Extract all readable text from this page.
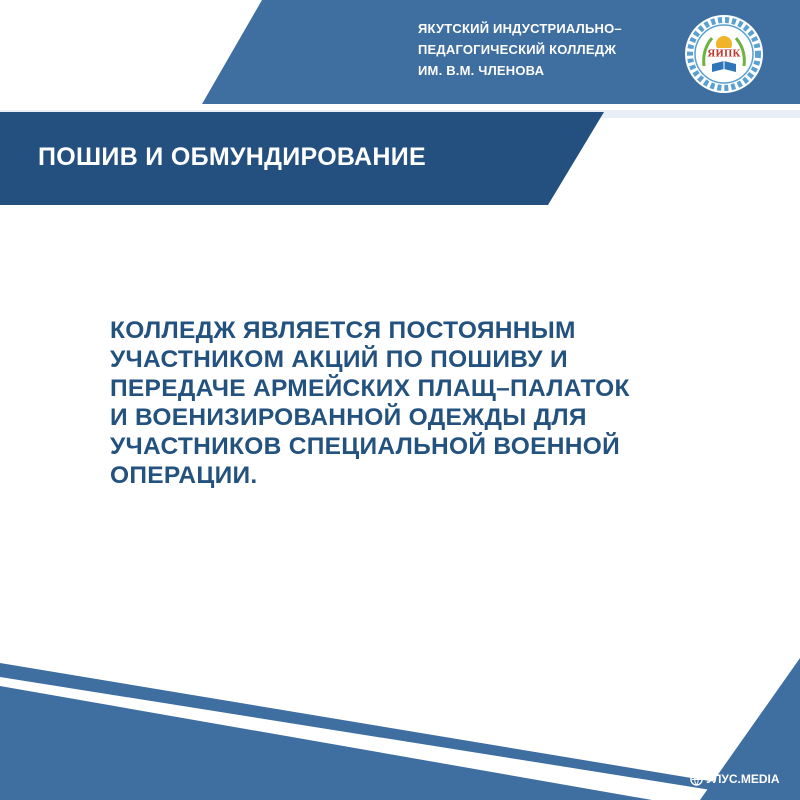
ЯКУТСКИЙ ИНДУСТРИАЛЬНО–
ПЕДАГОГИЧЕСКИЙ КОЛЛЕДЖ
ИМ. В.М. ЧЛЕНОВА
ЯИПК
ПОШИВ И ОБМУНДИРОВАНИЕ
КОЛЛЕДЖ ЯВЛЯЕТСЯ ПОСТОЯННЫМ
УЧАСТНИКОМ АКЦИЙ ПО ПОШИВУ И
ПЕРЕДАЧЕ АРМЕЙСКИХ ПЛАЩ–ПАЛАТОК
И ВОЕНИЗИРОВАННОЙ ОДЕЖДЫ ДЛЯ
УЧАСТНИКОВ СПЕЦИАЛЬНОЙ ВОЕННОЙ
ОПЕРАЦИИ.
УЛУС.MEDIA
